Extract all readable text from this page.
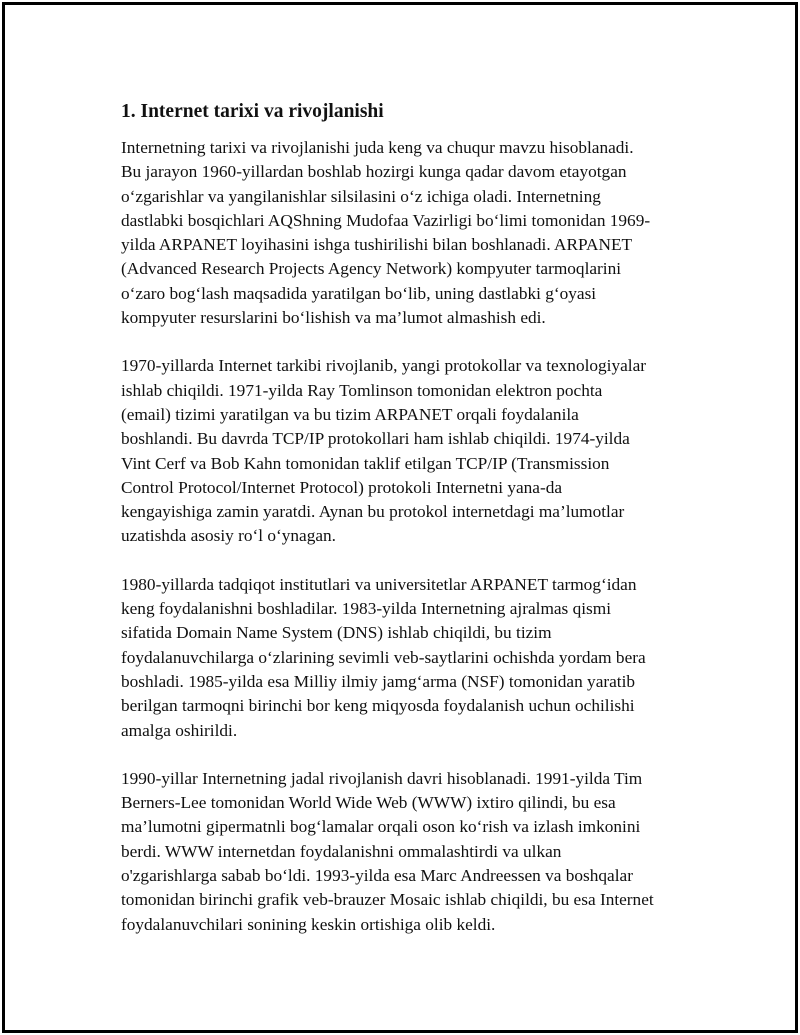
1. Internet tarixi va rivojlanishi

Internetning tarixi va rivojlanishi juda keng va chuqur mavzu hisoblanadi.
Bu jarayon 1960-yillardan boshlab hozirgi kunga qadar davom etayotgan
o‘zgarishlar va yangilanishlar silsilasini o‘z ichiga oladi. Internetning
dastlabki bosqichlari AQShning Mudofaa Vazirligi bo‘limi tomonidan 1969-
yilda ARPANET loyihasini ishga tushirilishi bilan boshlanadi. ARPANET
(Advanced Research Projects Agency Network) kompyuter tarmoqlarini
o‘zaro bog‘lash maqsadida yaratilgan bo‘lib, uning dastlabki g‘oyasi
kompyuter resurslarini bo‘lishish va ma’lumot almashish edi.

1970-yillarda Internet tarkibi rivojlanib, yangi protokollar va texnologiyalar
ishlab chiqildi. 1971-yilda Ray Tomlinson tomonidan elektron pochta
(email) tizimi yaratilgan va bu tizim ARPANET orqali foydalanila
boshlandi. Bu davrda TCP/IP protokollari ham ishlab chiqildi. 1974-yilda
Vint Cerf va Bob Kahn tomonidan taklif etilgan TCP/IP (Transmission
Control Protocol/Internet Protocol) protokoli Internetni yana-da
kengayishiga zamin yaratdi. Aynan bu protokol internetdagi ma’lumotlar
uzatishda asosiy ro‘l o‘ynagan.

1980-yillarda tadqiqot institutlari va universitetlar ARPANET tarmog‘idan
keng foydalanishni boshladilar. 1983-yilda Internetning ajralmas qismi
sifatida Domain Name System (DNS) ishlab chiqildi, bu tizim
foydalanuvchilarga o‘zlarining sevimli veb-saytlarini ochishda yordam bera
boshladi. 1985-yilda esa Milliy ilmiy jamg‘arma (NSF) tomonidan yaratib
berilgan tarmoqni birinchi bor keng miqyosda foydalanish uchun ochilishi
amalga oshirildi.

1990-yillar Internetning jadal rivojlanish davri hisoblanadi. 1991-yilda Tim
Berners-Lee tomonidan World Wide Web (WWW) ixtiro qilindi, bu esa
ma’lumotni gipermatnli bog‘lamalar orqali oson ko‘rish va izlash imkonini
berdi. WWW internetdan foydalanishni ommalashtirdi va ulkan
o'zgarishlarga sabab bo‘ldi. 1993-yilda esa Marc Andreessen va boshqalar
tomonidan birinchi grafik veb-brauzer Mosaic ishlab chiqildi, bu esa Internet
foydalanuvchilari sonining keskin ortishiga olib keldi.
